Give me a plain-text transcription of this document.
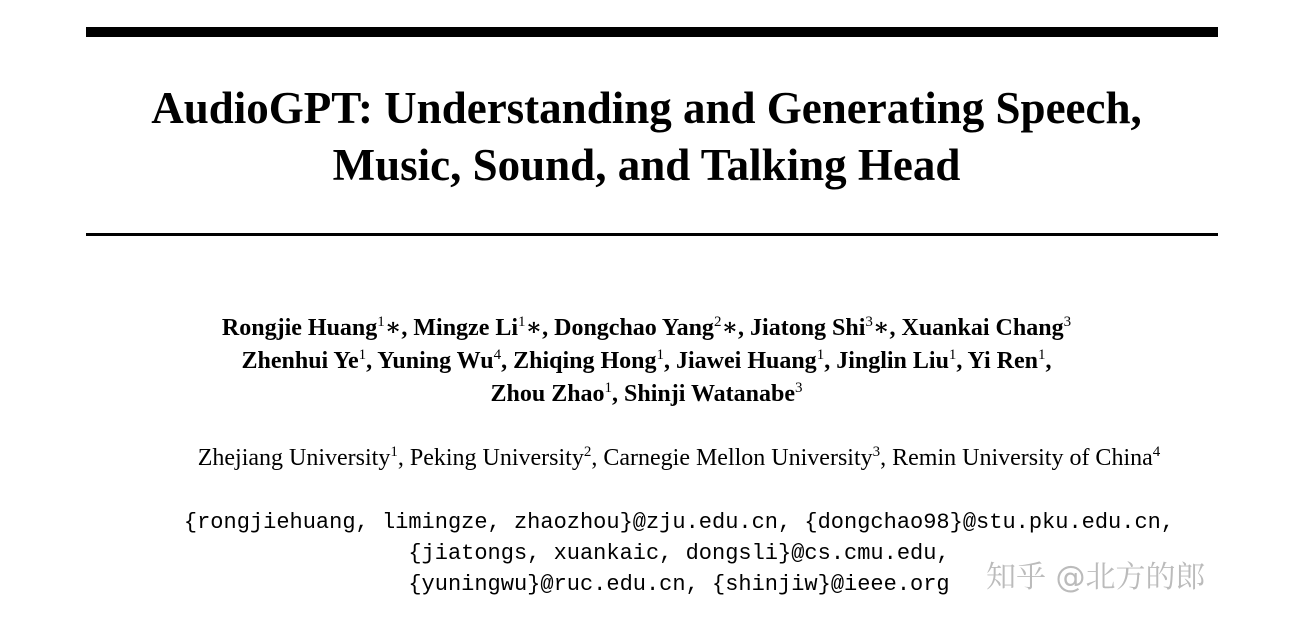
AudioGPT: Understanding and Generating Speech,
Music, Sound, and Talking Head
Rongjie Huang$^1$∗, Mingze Li$^1$∗, Dongchao Yang$^2$∗, Jiatong Shi$^3$∗, Xuankai Chang$^3$
Zhenhui Ye$^1$, Yuning Wu$^4$, Zhiqing Hong$^1$, Jiawei Huang$^1$, Jinglin Liu$^1$, Yi Ren$^1$,
Zhou Zhao$^1$, Shinji Watanabe$^3$
Zhejiang University$^1$, Peking University$^2$, Carnegie Mellon University$^3$, Remin University of China$^4$
{rongjiehuang, limingze, zhaozhou}@zju.edu.cn, {dongchao98}@stu.pku.edu.cn,
{jiatongs, xuankaic, dongsli}@cs.cmu.edu,
{yuningwu}@ruc.edu.cn, {shinjiw}@ieee.org	知乎 @北方的郎
